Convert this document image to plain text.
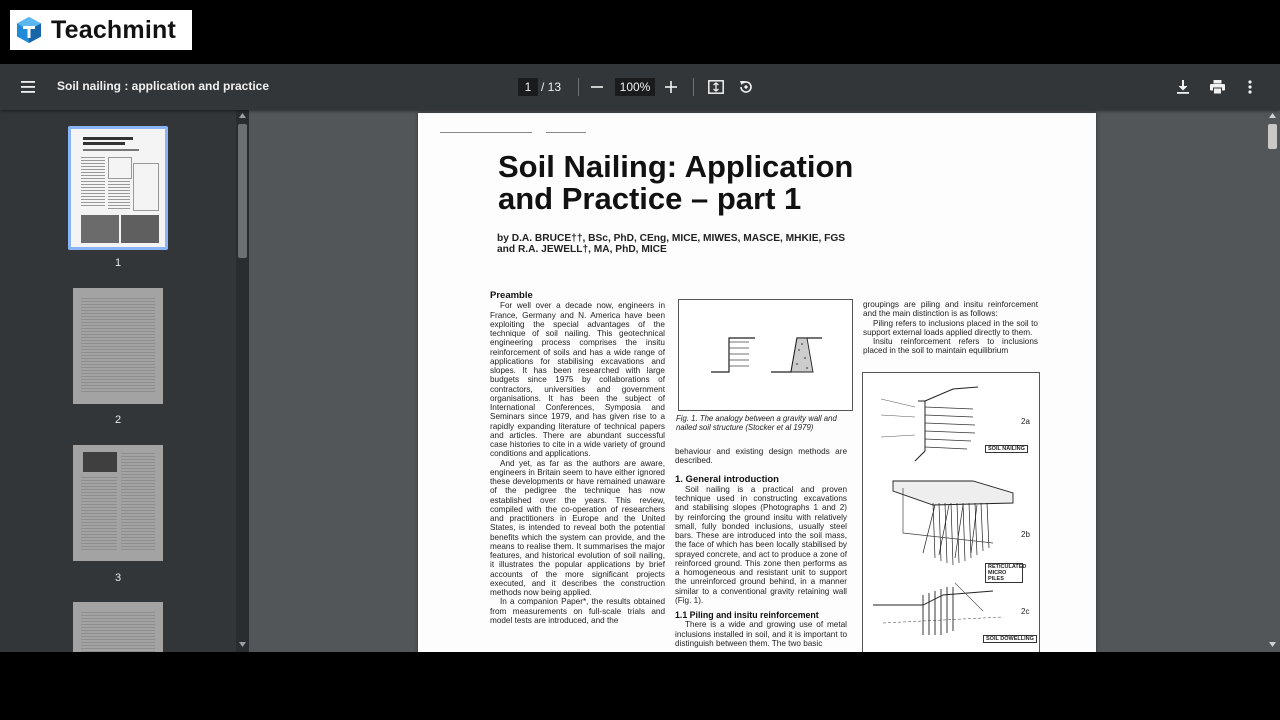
Teachmint
Soil nailing : application and practice	1 / 13	100%
1
2
3
Soil Nailing: Application
and Practice – part 1
by D.A. BRUCE††, BSc, PhD, CEng, MICE, MIWES, MASCE, MHKIE, FGS
and R.A. JEWELL†, MA, PhD, MICE
Preamble

For well over a decade now, engineers in France, Germany and N. America have been exploiting the special advantages of the technique of soil nailing. This geotechnical engineering process comprises the insitu reinforcement of soils and has a wide range of applications for stabilising excavations and slopes. It has been researched with large budgets since 1975 by collaborations of contractors, universities and government organisations. It has been the subject of International Conferences, Symposia and Seminars since 1979, and has given rise to a rapidly expanding literature of technical papers and articles. There are abundant successful case histories to cite in a wide variety of ground conditions and applications.

And yet, as far as the authors are aware, engineers in Britain seem to have either ignored these developments or have remained unaware of the pedigree the technique has now established over the years. This review, compiled with the co-operation of researchers and practitioners in Europe and the United States, is intended to reveal both the potential benefits which the system can provide, and the means to realise them. It summarises the major features, and historical evolution of soil nailing, it illustrates the popular applications by brief accounts of the more significant projects executed, and it describes the construction methods now being applied.

In a companion Paper*, the results obtained from measurements on full-scale trials and model tests are introduced, and the

Fig. 1. The analogy between a gravity wall and nailed soil structure (Stocker et al 1979)

behaviour and existing design methods are described.

1. General introduction

Soil nailing is a practical and proven technique used in constructing excavations and stabilising slopes (Photographs 1 and 2) by reinforcing the ground insitu with relatively small, fully bonded inclusions, usually steel bars. These are introduced into the soil mass, the face of which has been locally stabilised by sprayed concrete, and act to produce a zone of reinforced ground. This zone then performs as a homogeneous and resistant unit to support the unreinforced ground behind, in a manner similar to a conventional gravity retaining wall (Fig. 1).

1.1 Piling and insitu reinforcement

There is a wide and growing use of metal inclusions installed in soil, and it is important to distinguish between them. The two basic

groupings are piling and insitu reinforcement and the main distinction is as follows:

Piling refers to inclusions placed in the soil to support external loads applied directly to them.

Insitu reinforcement refers to inclusions placed in the soil to maintain equilibrium

2a
2b
2c
SOIL NAILING
RETICULATED MICRO PILES
SOIL DOWELLING
